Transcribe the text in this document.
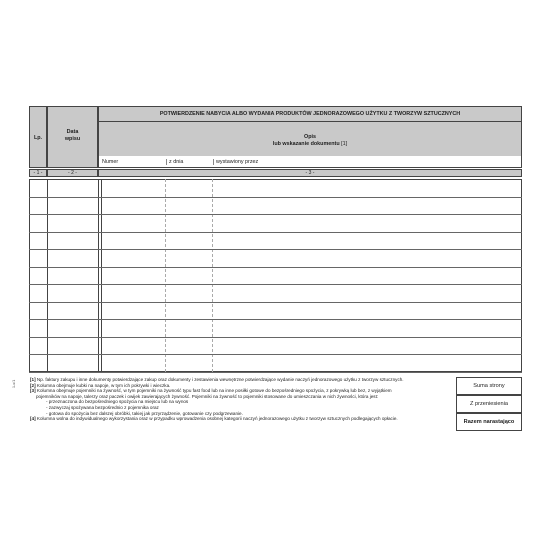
Lp.
Data
wpisu
POTWIERDZENIE NABYCIA ALBO WYDANIA PRODUKTÓW JEDNORAZOWEGO UŻYTKU Z TWORZYW SZTUCZNYCH
Opis
lub wskazanie dokumentu [1]
Numer	z dnia	wystawiony przez
- 1 -	- 2 -	- 3 -
[1] Np. faktury zakupu i inne dokumenty potwierdzające zakup oraz dokumenty i zestawienia wewnętrzne potwierdzające wydanie naczyń jednorazowego użytku z tworzyw sztucznych.
[2] Kolumna obejmuje kubki na napoje, w tym ich pokrywki i wieczka.
[3] Kolumna obejmuje pojemniki na żywność, w tym pojemniki na żywność typu fast food lub na inne posiłki gotowe do bezpośredniego spożycia, z pokrywką lub bez, z wyjątkiem
pojemników na napoje, talerzy oraz paczek i owijek zawierających żywność. Pojemniki na żywność to pojemniki stosowane do umieszczania w nich żywności, która jest:
- przeznaczona do bezpośredniego spożycia na miejscu lub na wynos
- zazwyczaj spożywana bezpośrednio z pojemnika oraz
- gotowa do spożycia bez dalszej obróbki, takiej jak przyrządzenie, gotowanie czy podgrzewanie.
[4] Kolumna wolna do indywidualnego wykorzystania oraz w przypadku wprowadzenia osobnej kategorii naczyń jednorazowego użytku z tworzyw sztucznych podlegających opłacie.
Suma strony
Z przeniesienia
Razem narastająco
1-u/1
